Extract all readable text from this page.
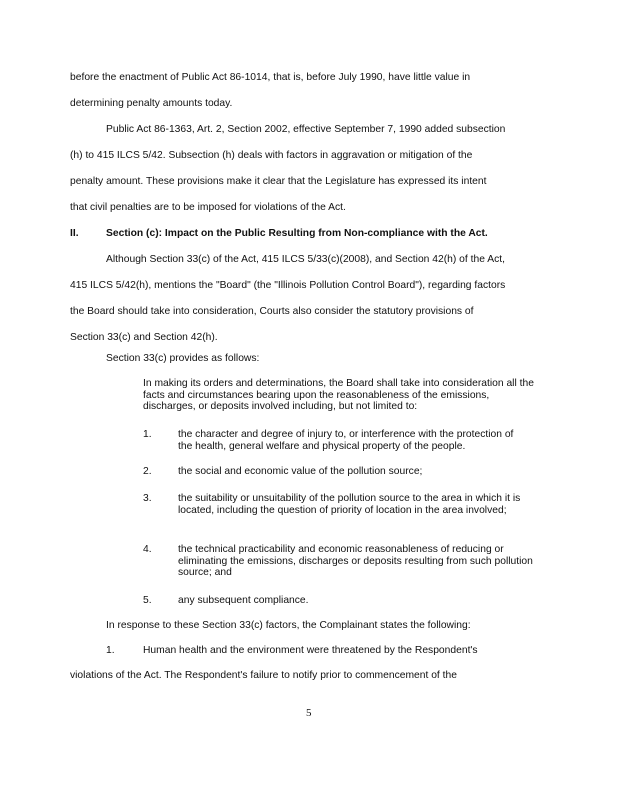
before the enactment of Public Act 86-1014, that is, before July 1990, have little value in
determining penalty amounts today.
Public Act 86-1363, Art. 2, Section 2002, effective September 7, 1990 added subsection
(h) to 415 ILCS 5/42. Subsection (h) deals with factors in aggravation or mitigation of the
penalty amount. These provisions make it clear that the Legislature has expressed its intent
that civil penalties are to be imposed for violations of the Act.
II.	Section (c): Impact on the Public Resulting from Non-compliance with the Act.
Although Section 33(c) of the Act, 415 ILCS 5/33(c)(2008), and Section 42(h) of the Act,
415 ILCS 5/42(h), mentions the "Board" (the "Illinois Pollution Control Board"), regarding factors
the Board should take into consideration, Courts also consider the statutory provisions of
Section 33(c) and Section 42(h).
Section 33(c) provides as follows:
In making its orders and determinations, the Board shall take into consideration all the facts and circumstances bearing upon the reasonableness of the emissions, discharges, or deposits involved including, but not limited to:
1.	the character and degree of injury to, or interference with the protection of the health, general welfare and physical property of the people.
2.	the social and economic value of the pollution source;
3.	the suitability or unsuitability of the pollution source to the area in which it is located, including the question of priority of location in the area involved;
4.	the technical practicability and economic reasonableness of reducing or eliminating the emissions, discharges or deposits resulting from such pollution source; and
5.	any subsequent compliance.
In response to these Section 33(c) factors, the Complainant states the following:
1.	Human health and the environment were threatened by the Respondent's
violations of the Act. The Respondent's failure to notify prior to commencement of the
5
